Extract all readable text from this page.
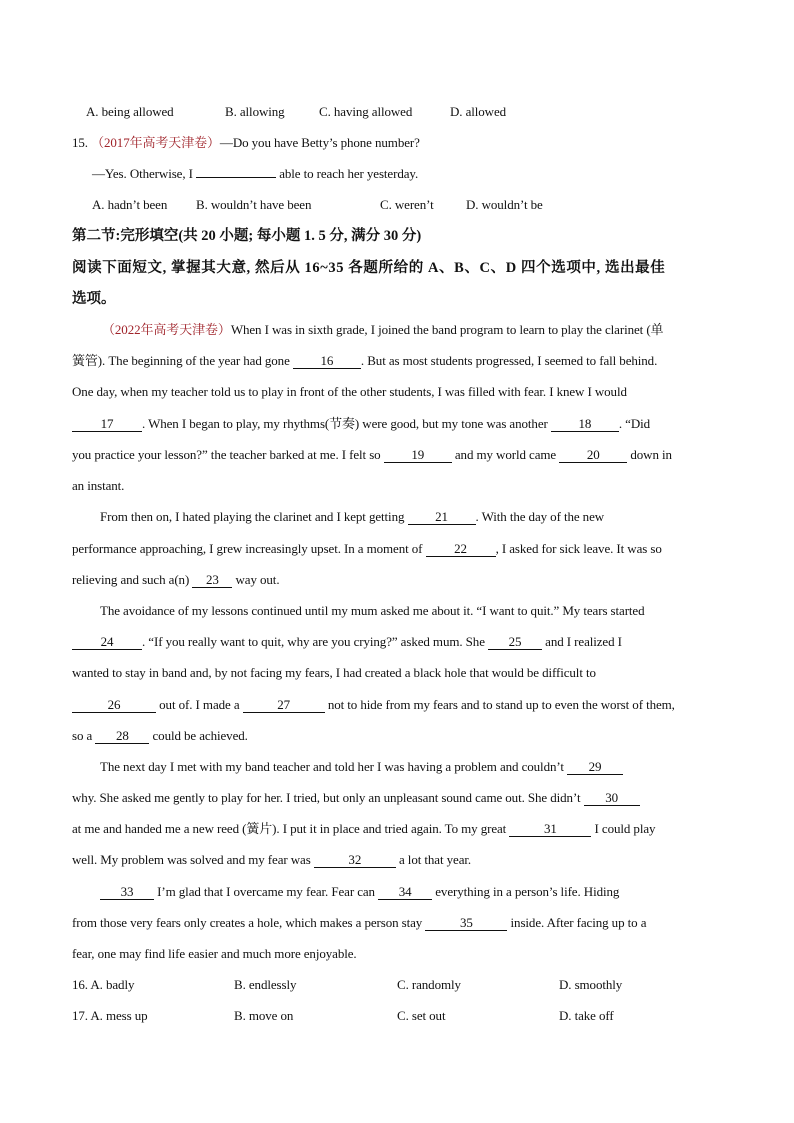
A. being allowed	B. allowing	C. having allowed	D. allowed
15. （2017年高考天津卷）—Do you have Betty’s phone number?
—Yes. Otherwise, I	able to reach her yesterday.
A. hadn’t been B. wouldn’t have been	C. weren’t D. wouldn’t be
第二节:完形填空(共 20 小题; 每小题 1. 5 分, 满分 30 分)
阅读下面短文, 掌握其大意, 然后从 16~35 各题所给的 A、B、C、D 四个选项中, 选出最佳
选项。
（2022年高考天津卷）When I was in sixth grade, I joined the band program to learn to play the clarinet (单
簧管). The beginning of the year had gone 16 . But as most students progressed, I seemed to fall behind.
One day, when my teacher told us to play in front of the other students, I was filled with fear. I knew I would
17 . When I began to play, my rhythms(节奏) were good, but my tone was another 18 . “Did
you practice your lesson?” the teacher barked at me. I felt so 19 and my world came 20 down in
an instant.
From then on, I hated playing the clarinet and I kept getting 21 . With the day of the new
performance approaching, I grew increasingly upset. In a moment of 22 , I asked for sick leave. It was so
relieving and such a(n) 23 way out.
The avoidance of my lessons continued until my mum asked me about it. “I want to quit.” My tears started
24 . “If you really want to quit, why are you crying?” asked mum. She 25 and I realized I
wanted to stay in band and, by not facing my fears, I had created a black hole that would be difficult to
26	out of. I made a	27	not to hide from my fears and to stand up to even the worst of them,
so a 28 could be achieved.
The next day I met with my band teacher and told her I was having a problem and couldn’t 29
why. She asked me gently to play for her. I tried, but only an unpleasant sound came out. She didn’t 30
at me and handed me a new reed (簧片). I put it in place and tried again. To my great	31	I could play
well. My problem was solved and my fear was	32	a lot that year.
33 I’m glad that I overcame my fear. Fear can 34 everything in a person’s life. Hiding
from those very fears only creates a hole, which makes a person stay	35	inside. After facing up to a
fear, one may find life easier and much more enjoyable.
16. A. badly	B. endlessly	C. randomly	D. smoothly
17. A. mess up	B. move on	C. set out	D. take off
